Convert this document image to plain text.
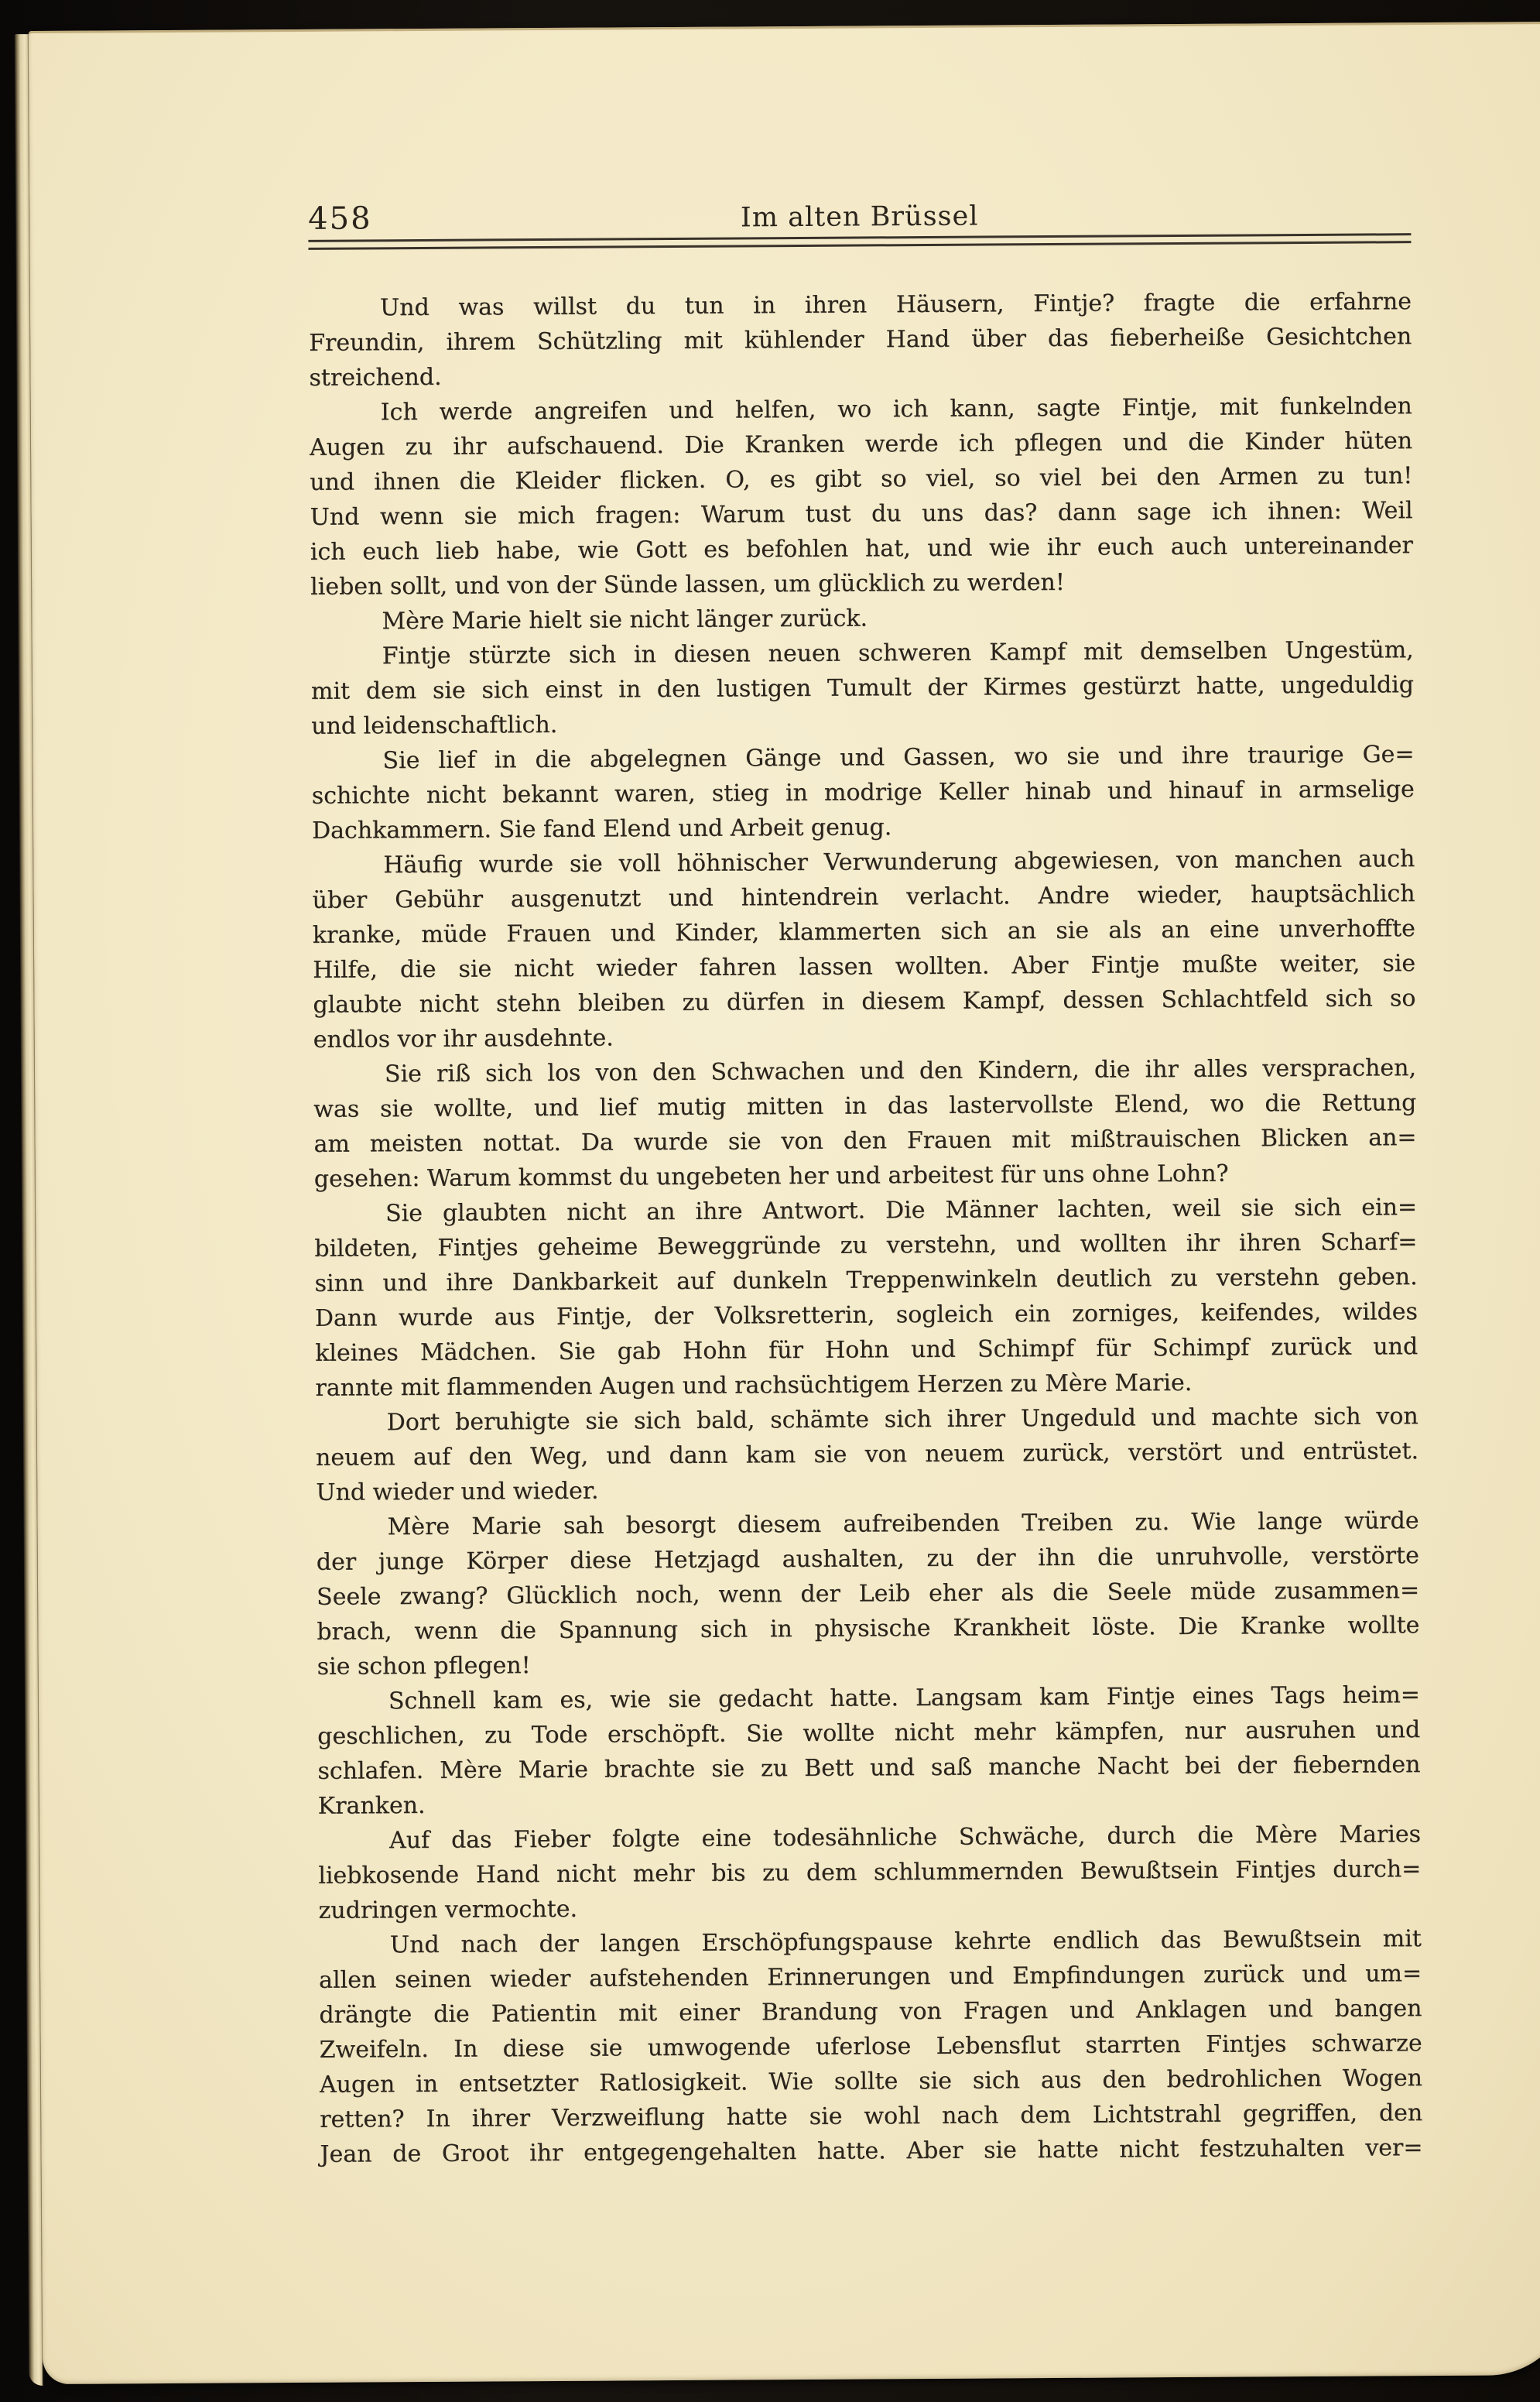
458	Im alten Brüssel
Und was willst du tun in ihren Häusern, Fintje? fragte die erfahrne
Freundin, ihrem Schützling mit kühlender Hand über das fieberheiße Gesichtchen
streichend.
Ich werde angreifen und helfen, wo ich kann, sagte Fintje, mit funkelnden
Augen zu ihr aufschauend. Die Kranken werde ich pflegen und die Kinder hüten
und ihnen die Kleider flicken. O, es gibt so viel, so viel bei den Armen zu tun!
Und wenn sie mich fragen: Warum tust du uns das? dann sage ich ihnen: Weil
ich euch lieb habe, wie Gott es befohlen hat, und wie ihr euch auch untereinander
lieben sollt, und von der Sünde lassen, um glücklich zu werden!
Mère Marie hielt sie nicht länger zurück.
Fintje stürzte sich in diesen neuen schweren Kampf mit demselben Ungestüm,
mit dem sie sich einst in den lustigen Tumult der Kirmes gestürzt hatte, ungeduldig
und leidenschaftlich.
Sie lief in die abgelegnen Gänge und Gassen, wo sie und ihre traurige Ge=
schichte nicht bekannt waren, stieg in modrige Keller hinab und hinauf in armselige
Dachkammern. Sie fand Elend und Arbeit genug.
Häufig wurde sie voll höhnischer Verwunderung abgewiesen, von manchen auch
über Gebühr ausgenutzt und hintendrein verlacht. Andre wieder, hauptsächlich
kranke, müde Frauen und Kinder, klammerten sich an sie als an eine unverhoffte
Hilfe, die sie nicht wieder fahren lassen wollten. Aber Fintje mußte weiter, sie
glaubte nicht stehn bleiben zu dürfen in diesem Kampf, dessen Schlachtfeld sich so
endlos vor ihr ausdehnte.
Sie riß sich los von den Schwachen und den Kindern, die ihr alles versprachen,
was sie wollte, und lief mutig mitten in das lastervollste Elend, wo die Rettung
am meisten nottat. Da wurde sie von den Frauen mit mißtrauischen Blicken an=
gesehen: Warum kommst du ungebeten her und arbeitest für uns ohne Lohn?
Sie glaubten nicht an ihre Antwort. Die Männer lachten, weil sie sich ein=
bildeten, Fintjes geheime Beweggründe zu verstehn, und wollten ihr ihren Scharf=
sinn und ihre Dankbarkeit auf dunkeln Treppenwinkeln deutlich zu verstehn geben.
Dann wurde aus Fintje, der Volksretterin, sogleich ein zorniges, keifendes, wildes
kleines Mädchen. Sie gab Hohn für Hohn und Schimpf für Schimpf zurück und
rannte mit flammenden Augen und rachsüchtigem Herzen zu Mère Marie.
Dort beruhigte sie sich bald, schämte sich ihrer Ungeduld und machte sich von
neuem auf den Weg, und dann kam sie von neuem zurück, verstört und entrüstet.
Und wieder und wieder.
Mère Marie sah besorgt diesem aufreibenden Treiben zu. Wie lange würde
der junge Körper diese Hetzjagd aushalten, zu der ihn die unruhvolle, verstörte
Seele zwang? Glücklich noch, wenn der Leib eher als die Seele müde zusammen=
brach, wenn die Spannung sich in physische Krankheit löste. Die Kranke wollte
sie schon pflegen!
Schnell kam es, wie sie gedacht hatte. Langsam kam Fintje eines Tags heim=
geschlichen, zu Tode erschöpft. Sie wollte nicht mehr kämpfen, nur ausruhen und
schlafen. Mère Marie brachte sie zu Bett und saß manche Nacht bei der fiebernden
Kranken.
Auf das Fieber folgte eine todesähnliche Schwäche, durch die Mère Maries
liebkosende Hand nicht mehr bis zu dem schlummernden Bewußtsein Fintjes durch=
zudringen vermochte.
Und nach der langen Erschöpfungspause kehrte endlich das Bewußtsein mit
allen seinen wieder aufstehenden Erinnerungen und Empfindungen zurück und um=
drängte die Patientin mit einer Brandung von Fragen und Anklagen und bangen
Zweifeln. In diese sie umwogende uferlose Lebensflut starrten Fintjes schwarze
Augen in entsetzter Ratlosigkeit. Wie sollte sie sich aus den bedrohlichen Wogen
retten? In ihrer Verzweiflung hatte sie wohl nach dem Lichtstrahl gegriffen, den
Jean de Groot ihr entgegengehalten hatte. Aber sie hatte nicht festzuhalten ver=
